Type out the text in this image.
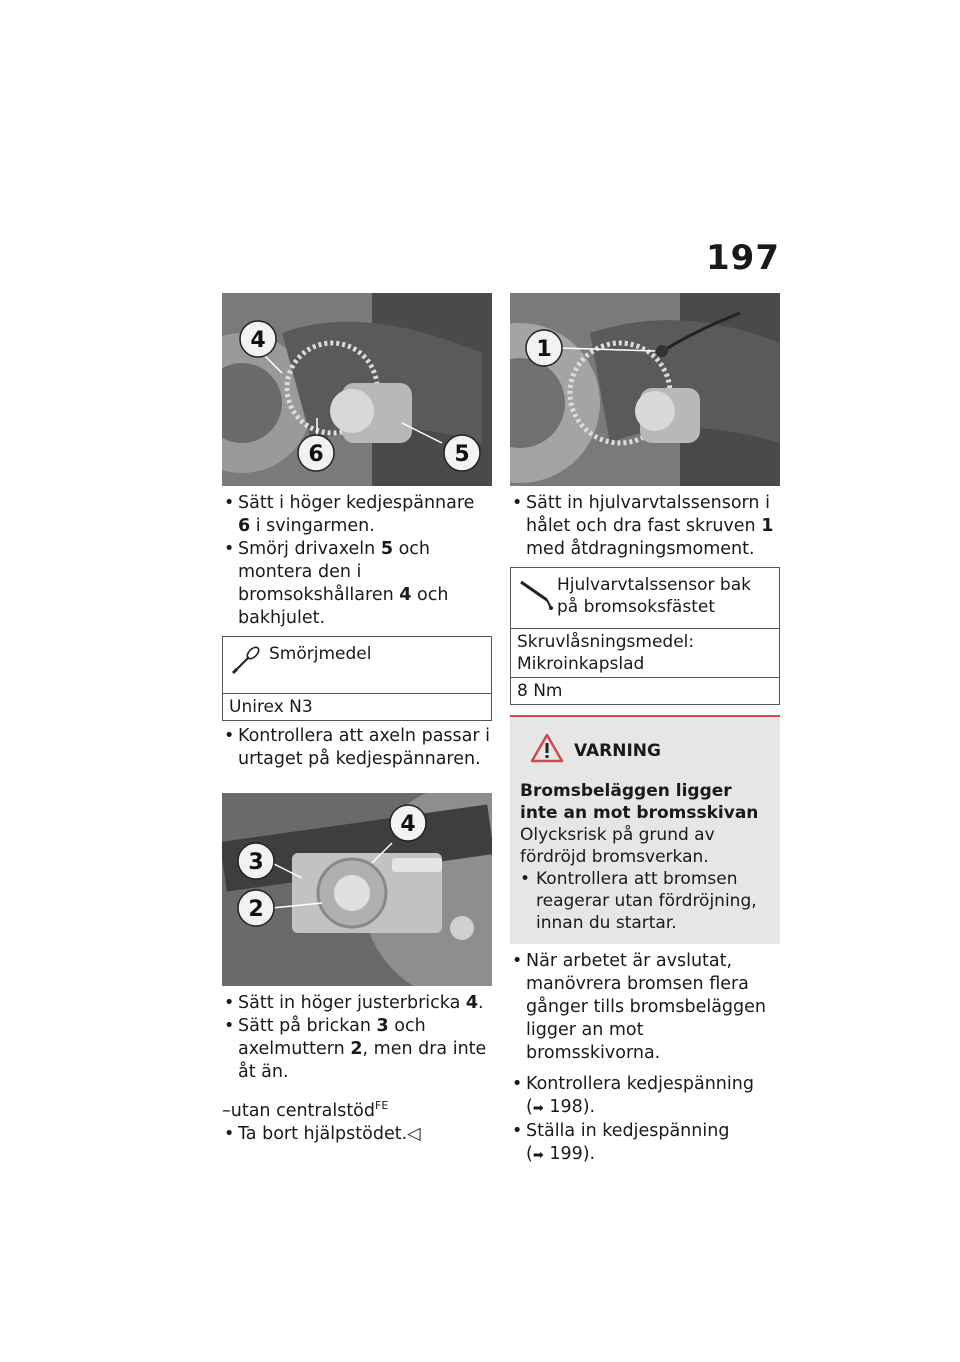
197
4
6	5

• Sätt i höger kedjespännare 6 i svingarmen.

• Smörj drivaxeln 5 och montera den i bromsokshållaren 4 och bakhjulet.

Smörjmedel
Unirex N3

• Kontrollera att axeln passar i urtaget på kedjespännaren.

4
3
2

• Sätt in höger justerbricka 4.

• Sätt på brickan 3 och axelmuttern 2, men dra inte åt än.

–utan centralstöd$^{FE}$

• Ta bort hjälpstödet.◁

1

• Sätt in hjulvarvtalssensorn i hålet och dra fast skruven 1 med åtdragningsmoment.

Hjulvarvtalssensor bak på bromsoksfästet
Skruvlåsningsmedel: Mikroinkapslad
8 Nm
VARNING
Bromsbeläggen ligger inte an mot bromsskivan
Olycksrisk på grund av fördröjd bromsverkan.
• Kontrollera att bromsen reagerar utan fördröjning, innan du startar.

• När arbetet är avslutat, manövrera bromsen flera gånger tills bromsbeläggen ligger an mot bromsskivorna.

• Kontrollera kedjespänning
(➡ 198).

• Ställa in kedjespänning
(➡ 199).
